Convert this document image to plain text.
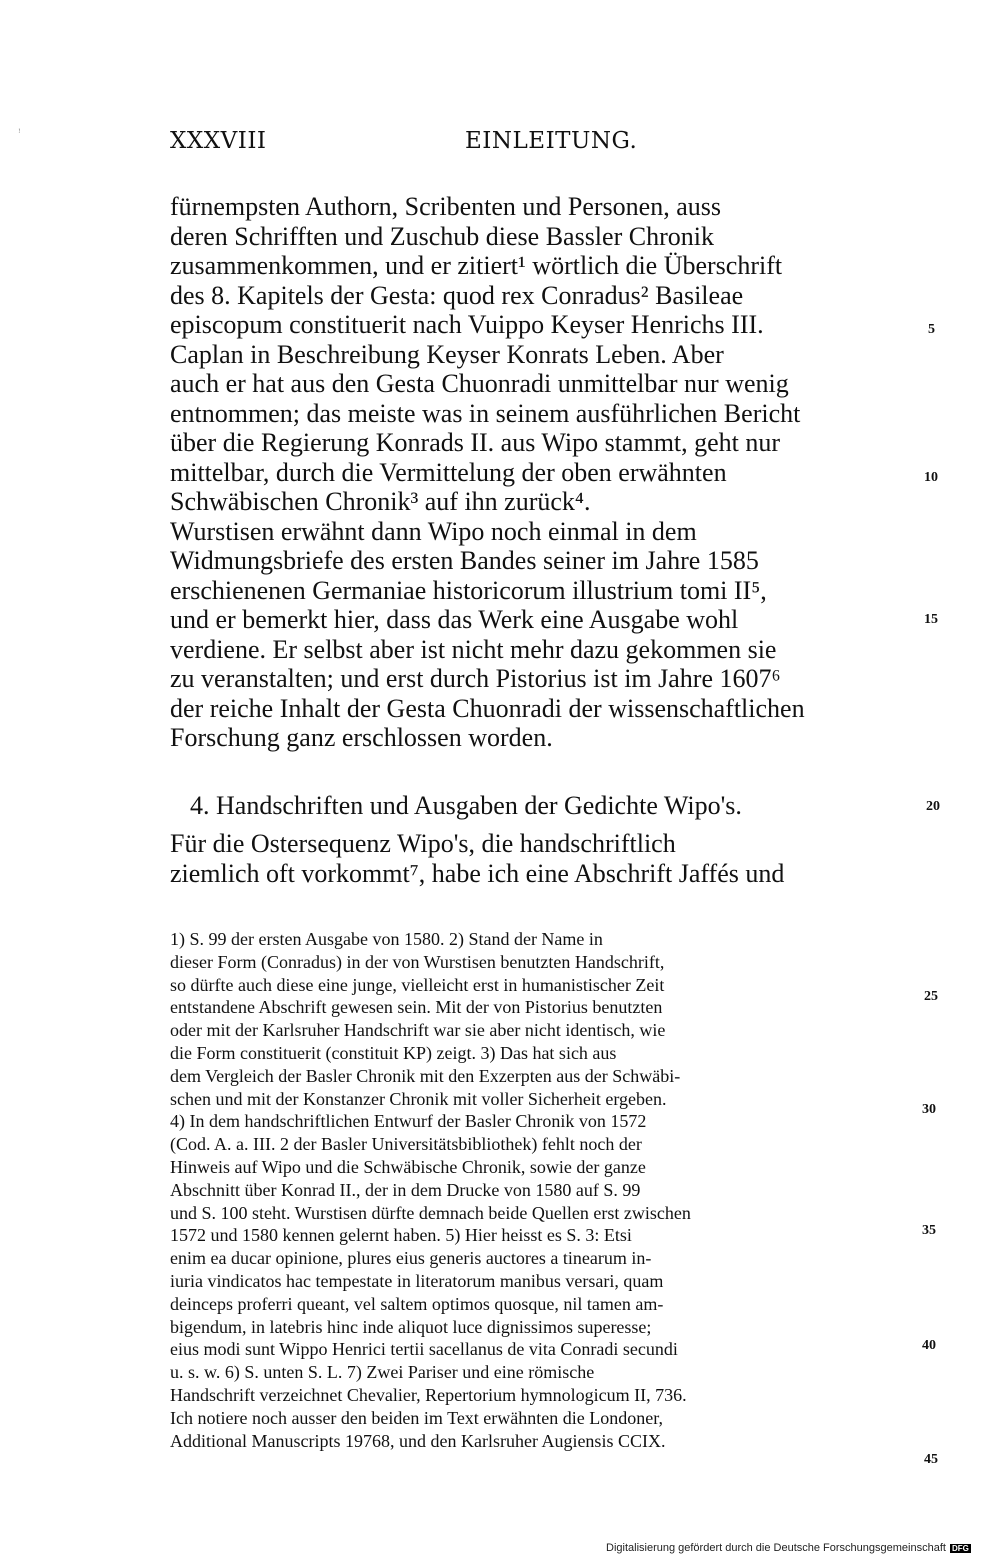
ꜝ	XXXVIII	EINLEITUNG.
fürnempsten Authorn, Scribenten und Personen, auss
deren Schrifften und Zuschub diese Bassler Chronik
zusammenkommen, und er zitiert¹ wörtlich die Überschrift
des 8. Kapitels der Gesta: quod rex Conradus² Basileae
episcopum constituerit nach Vuippo Keyser Henrichs III.
Caplan in Beschreibung Keyser Konrats Leben. Aber
auch er hat aus den Gesta Chuonradi unmittelbar nur wenig
entnommen; das meiste was in seinem ausführlichen Bericht
über die Regierung Konrads II. aus Wipo stammt, geht nur
mittelbar, durch die Vermittelung der oben erwähnten
Schwäbischen Chronik³ auf ihn zurück⁴.
Wurstisen erwähnt dann Wipo noch einmal in dem
Widmungsbriefe des ersten Bandes seiner im Jahre 1585
erschienenen Germaniae historicorum illustrium tomi II⁵,
und er bemerkt hier, dass das Werk eine Ausgabe wohl
verdiene. Er selbst aber ist nicht mehr dazu gekommen sie
zu veranstalten; und erst durch Pistorius ist im Jahre 1607⁶
der reiche Inhalt der Gesta Chuonradi der wissenschaftlichen
Forschung ganz erschlossen worden.
4. Handschriften und Ausgaben der Gedichte Wipo's.
Für die Ostersequenz Wipo's, die handschriftlich
ziemlich oft vorkommt⁷, habe ich eine Abschrift Jaffés und
1) S. 99 der ersten Ausgabe von 1580. 2) Stand der Name in
dieser Form (Conradus) in der von Wurstisen benutzten Handschrift,
so dürfte auch diese eine junge, vielleicht erst in humanistischer Zeit
entstandene Abschrift gewesen sein. Mit der von Pistorius benutzten
oder mit der Karlsruher Handschrift war sie aber nicht identisch, wie
die Form constituerit (constituit KP) zeigt. 3) Das hat sich aus
dem Vergleich der Basler Chronik mit den Exzerpten aus der Schwäbi-
schen und mit der Konstanzer Chronik mit voller Sicherheit ergeben.
4) In dem handschriftlichen Entwurf der Basler Chronik von 1572
(Cod. A. a. III. 2 der Basler Universitätsbibliothek) fehlt noch der
Hinweis auf Wipo und die Schwäbische Chronik, sowie der ganze
Abschnitt über Konrad II., der in dem Drucke von 1580 auf S. 99
und S. 100 steht. Wurstisen dürfte demnach beide Quellen erst zwischen
1572 und 1580 kennen gelernt haben. 5) Hier heisst es S. 3: Etsi
enim ea ducar opinione, plures eius generis auctores a tinearum in-
iuria vindicatos hac tempestate in literatorum manibus versari, quam
deinceps proferri queant, vel saltem optimos quosque, nil tamen am-
bigendum, in latebris hinc inde aliquot luce dignissimos superesse;
eius modi sunt Wippo Henrici tertii sacellanus de vita Conradi secundi
u. s. w. 6) S. unten S. L. 7) Zwei Pariser und eine römische
Handschrift verzeichnet Chevalier, Repertorium hymnologicum II, 736.
Ich notiere noch ausser den beiden im Text erwähnten die Londoner,
Additional Manuscripts 19768, und den Karlsruher Augiensis CCIX.
5
10
15
20
25
30
35
40
45
Digitalisierung gefördert durch die Deutsche Forschungsgemeinschaft DFG
